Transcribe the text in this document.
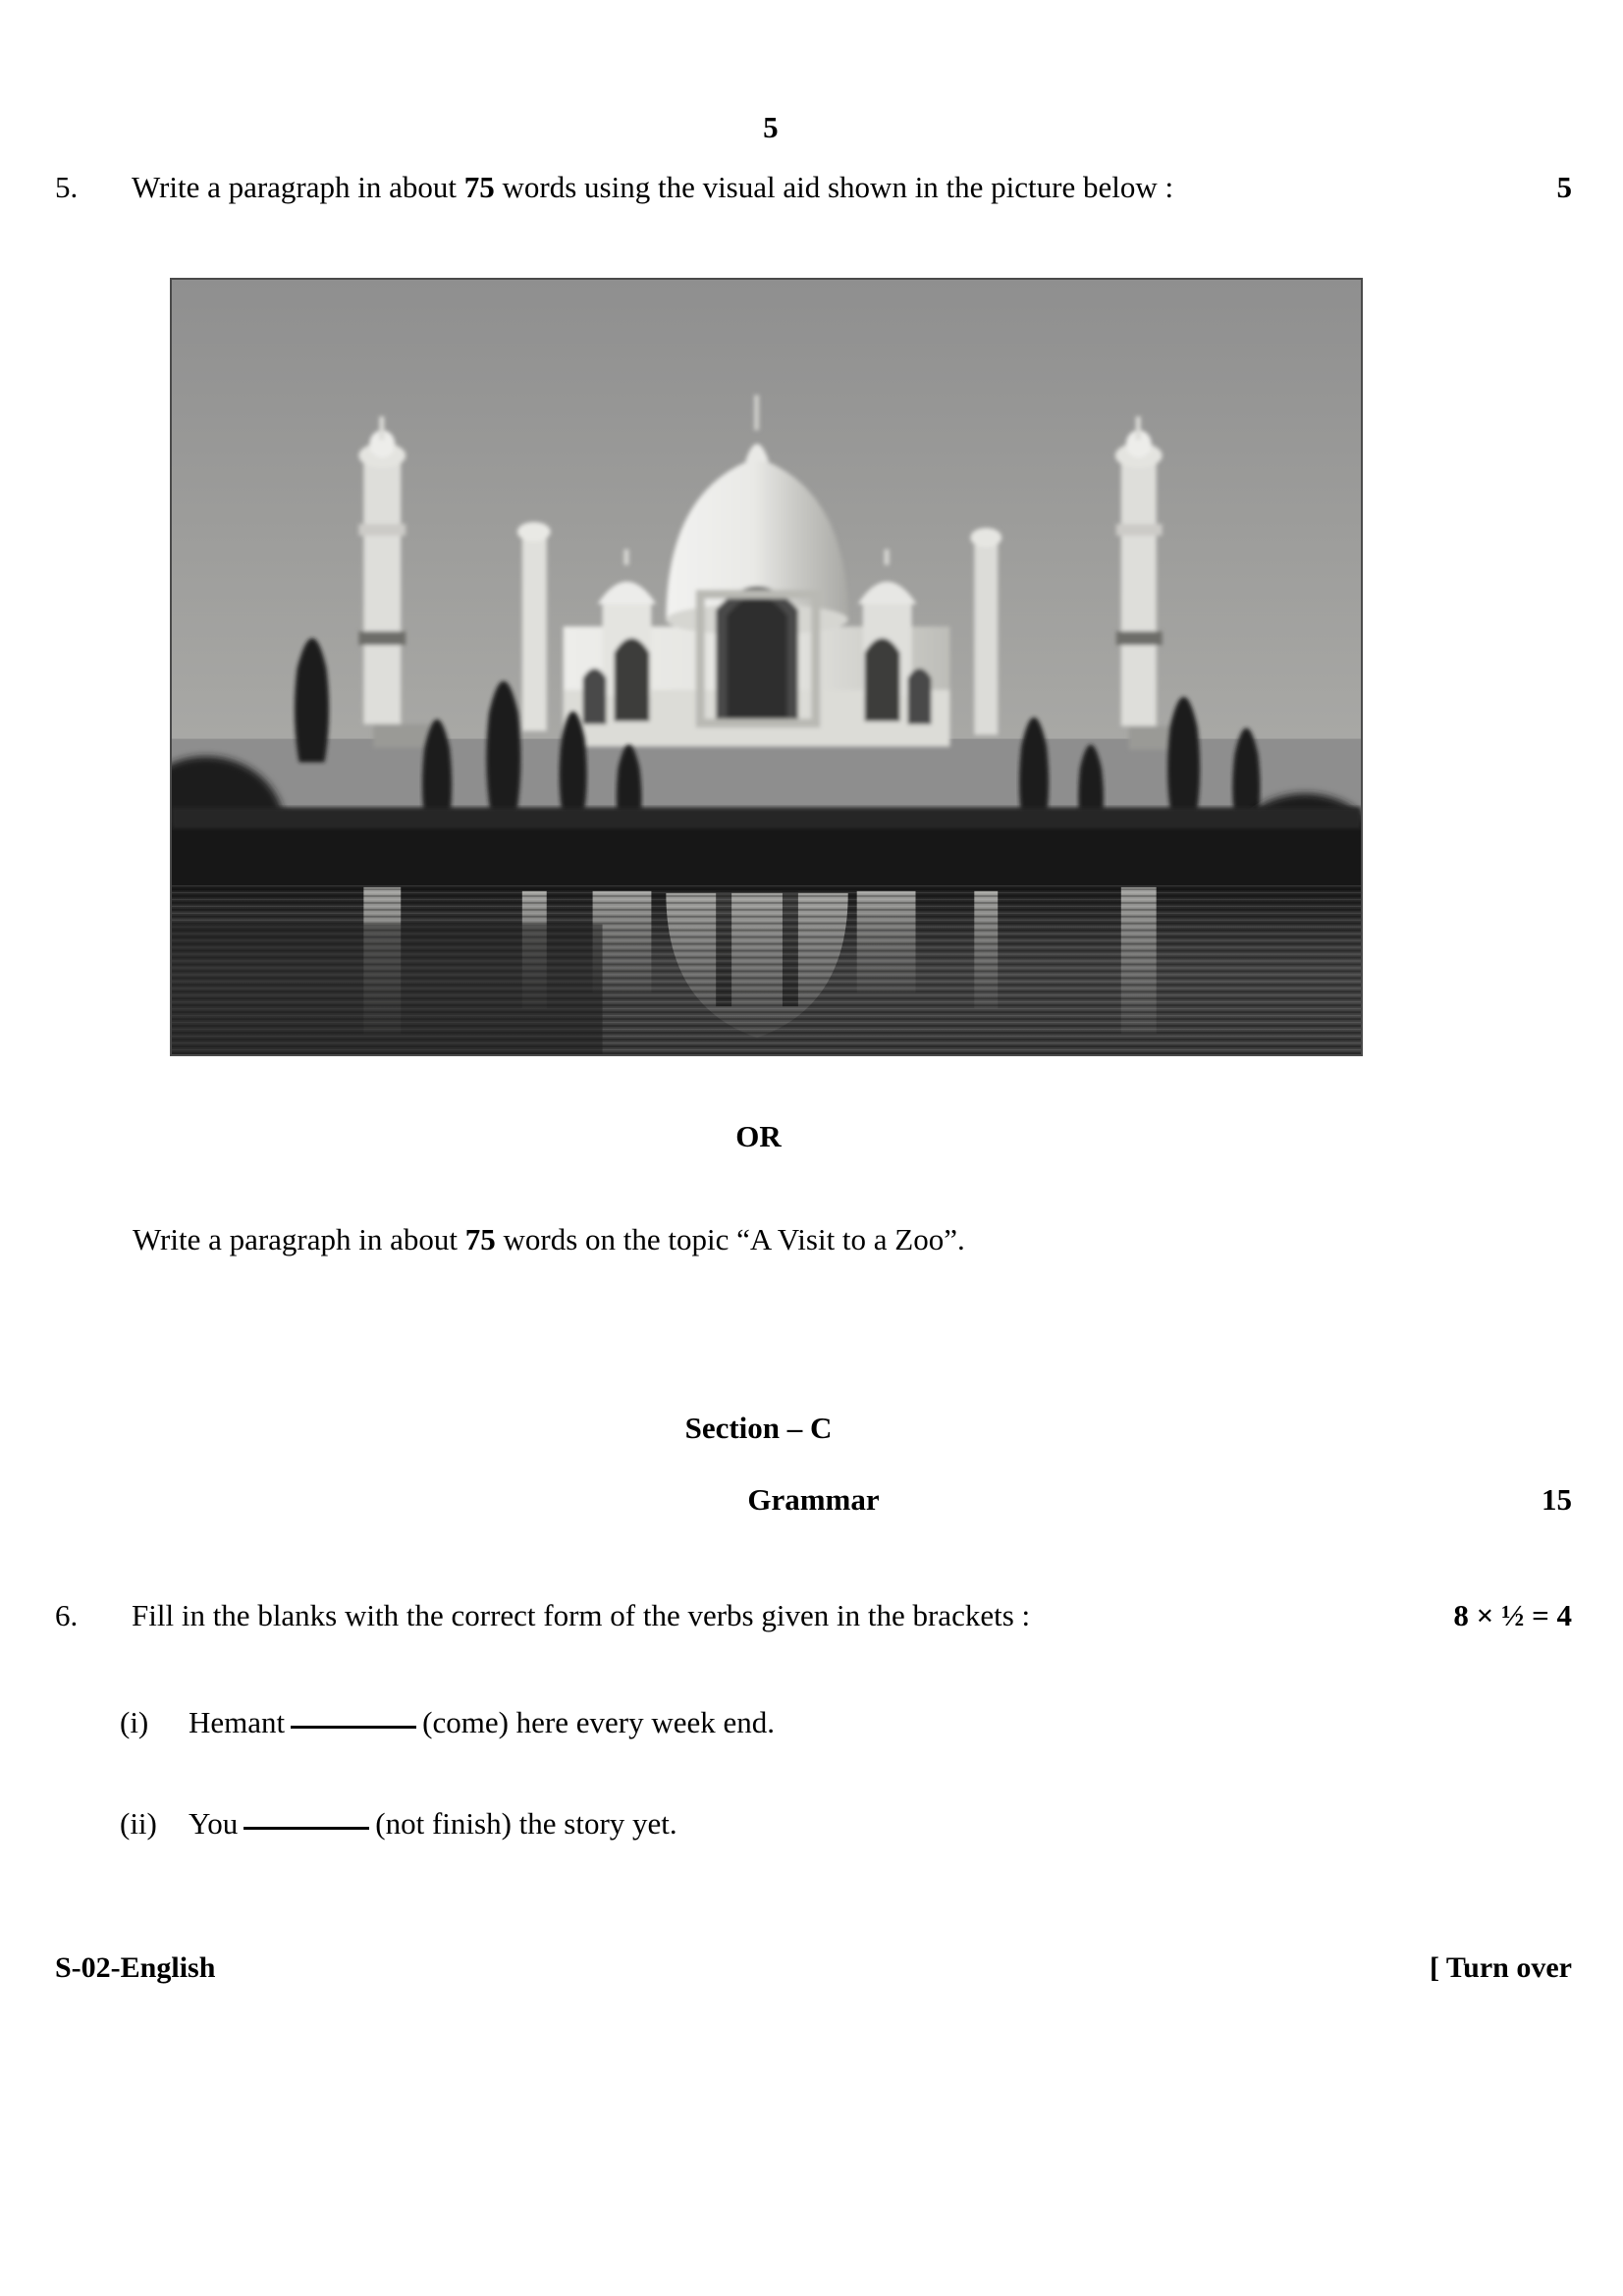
5
5.	Write a paragraph in about 75 words using the visual aid shown in the picture below :	5
OR
Write a paragraph in about 75 words on the topic “A Visit to a Zoo”.
Section – C
Grammar	15
6.	Fill in the blanks with the correct form of the verbs given in the brackets :	8 × ½ = 4
(i)	Hemant	(come) here every week end.
(ii)	You	(not finish) the story yet.
S-02-English	[ Turn over
